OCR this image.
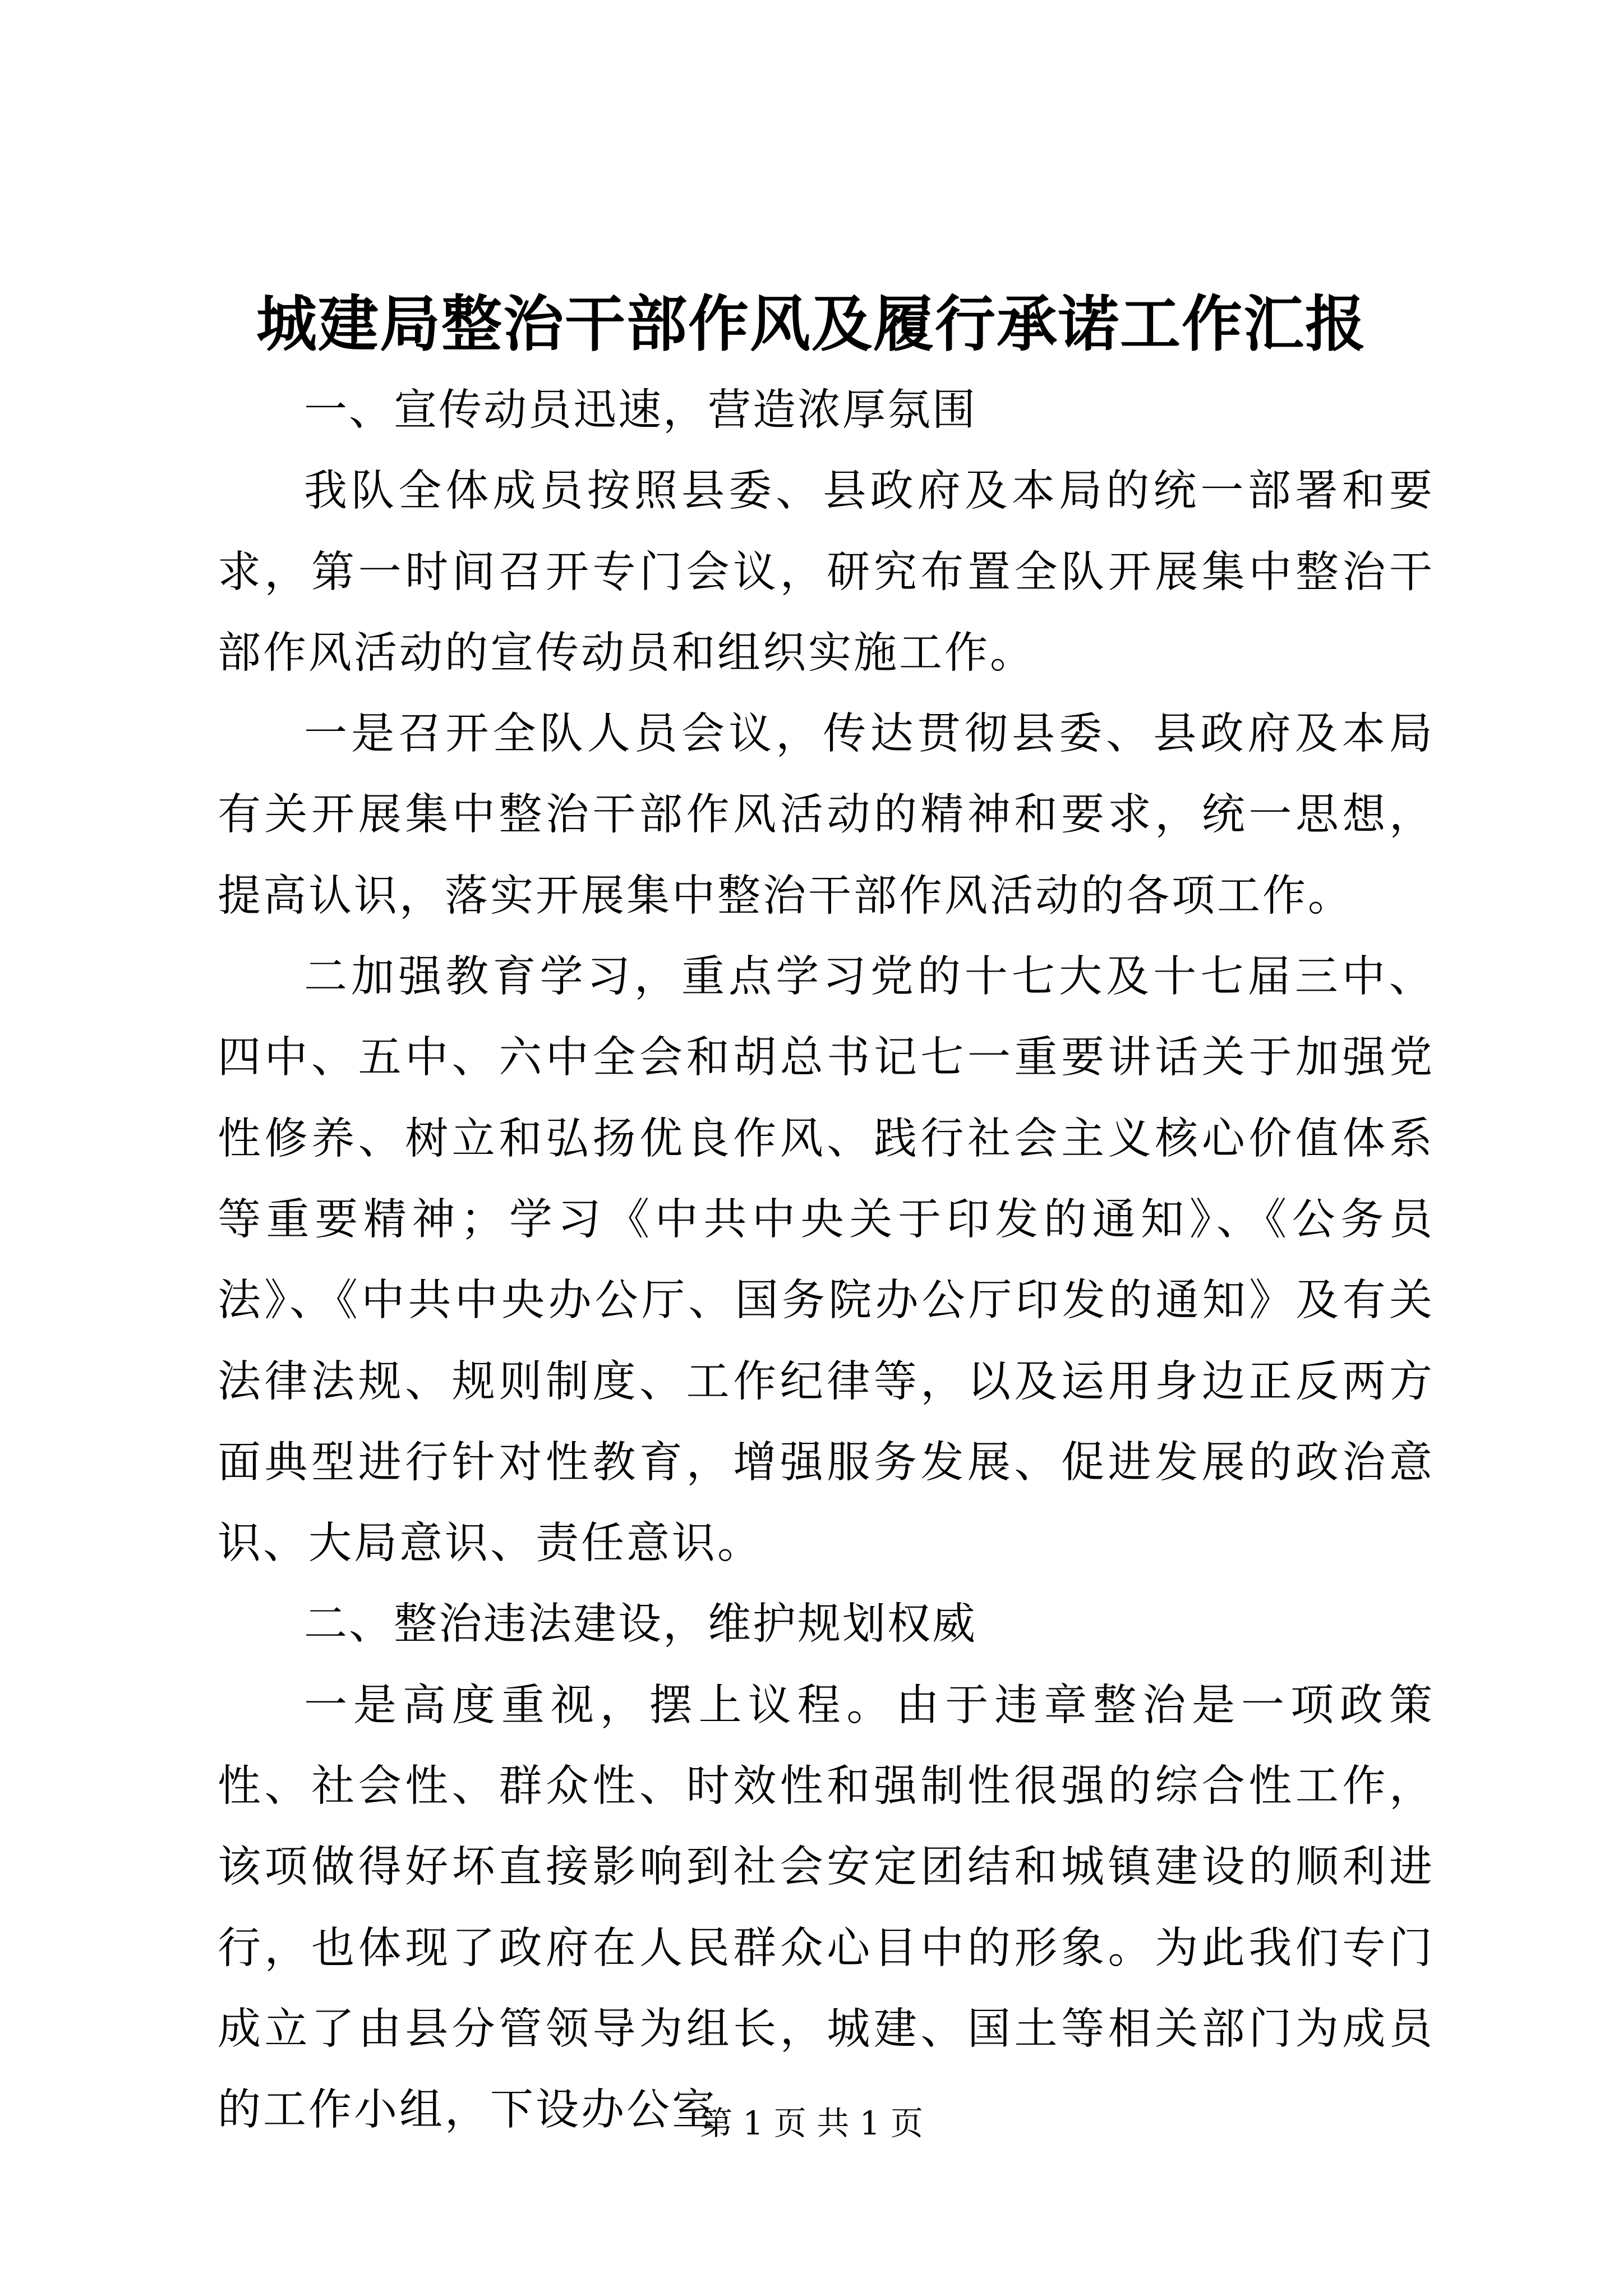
城建局整治干部作风及履行承诺工作汇报

一、宣传动员迅速，营造浓厚氛围

我队全体成员按照县委、县政府及本局的统一部署和要求，第一时间召开专门会议，研究布置全队开展集中整治干部作风活动的宣传动员和组织实施工作。

一是召开全队人员会议，传达贯彻县委、县政府及本局有关开展集中整治干部作风活动的精神和要求，统一思想，提高认识，落实开展集中整治干部作风活动的各项工作。

二加强教育学习，重点学习党的十七大及十七届三中、四中、五中、六中全会和胡总书记七一重要讲话关于加强党性修养、树立和弘扬优良作风、践行社会主义核心价值体系等重要精神；学习《中共中央关于印发的通知》、《公务员法》、《中共中央办公厅、国务院办公厅印发的通知》及有关法律法规、规则制度、工作纪律等，以及运用身边正反两方面典型进行针对性教育，增强服务发展、促进发展的政治意识、大局意识、责任意识。

二、整治违法建设，维护规划权威

一是高度重视，摆上议程。由于违章整治是一项政策性、社会性、群众性、时效性和强制性很强的综合性工作，该项做得好坏直接影响到社会安定团结和城镇建设的顺利进行，也体现了政府在人民群众心目中的形象。为此我们专门成立了由县分管领导为组长，城建、国土等相关部门为成员的工作小组，下设办公室

第 1 页 共 1 页
